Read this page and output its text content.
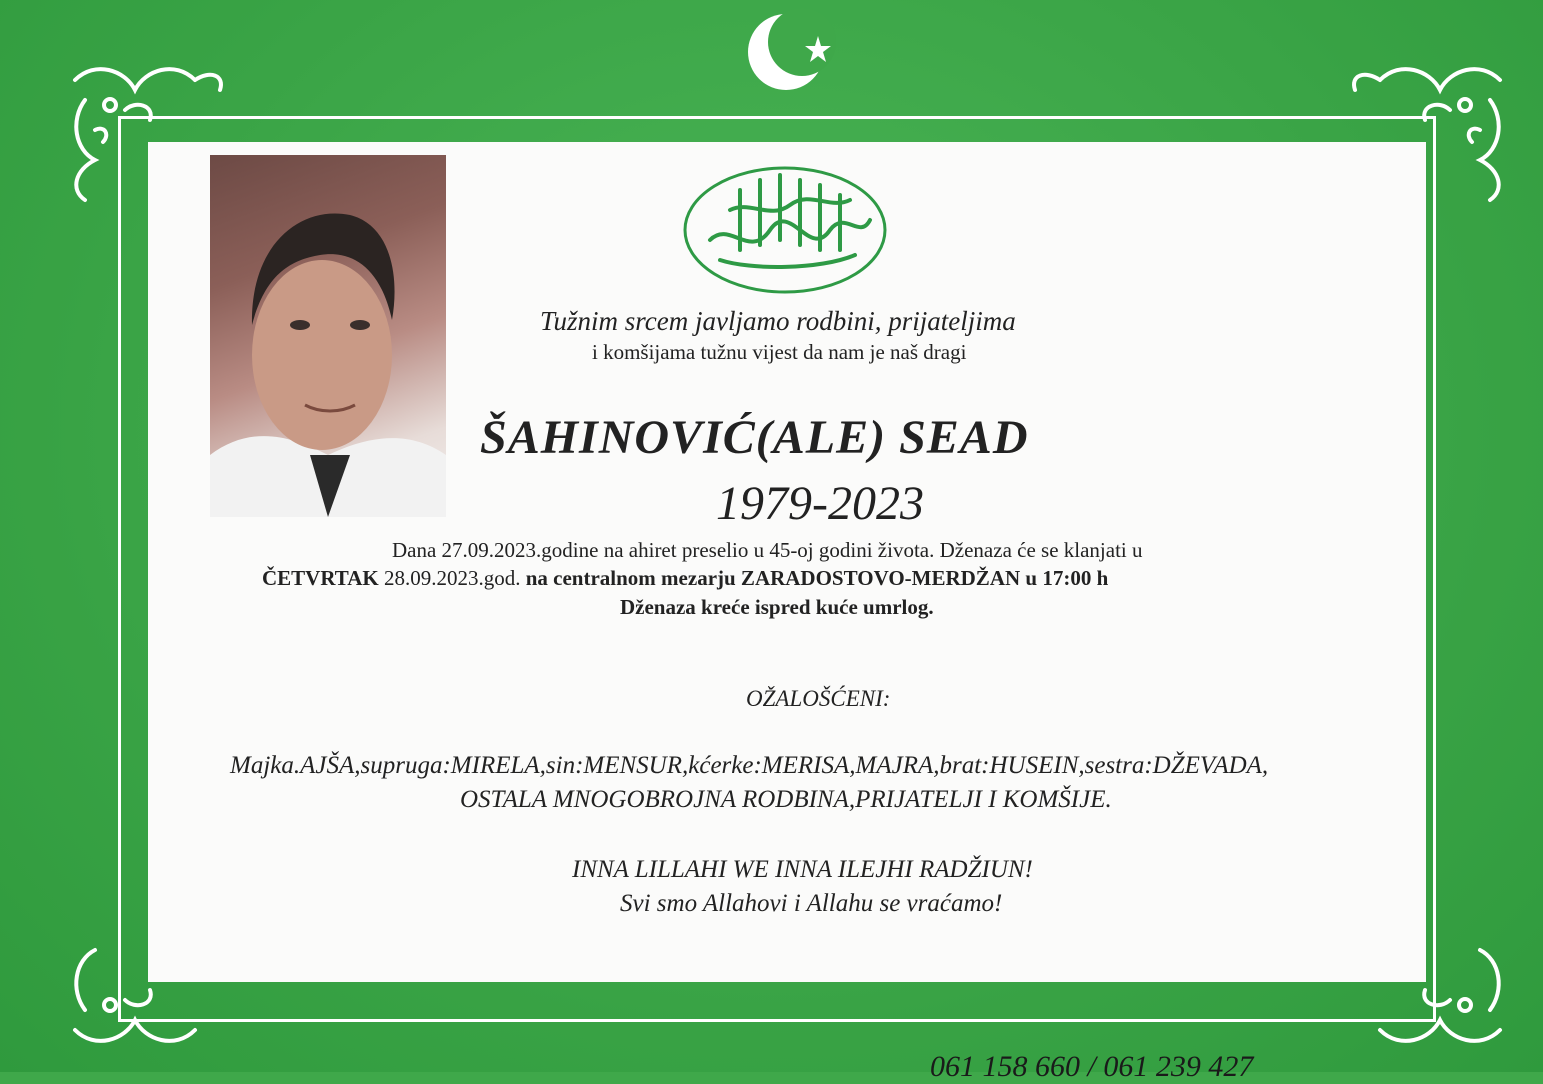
Tužnim srcem javljamo rodbini, prijateljima
i komšijama tužnu vijest da nam je naš dragi
ŠAHINOVIĆ(ALE) SEAD
1979-2023
Dana 27.09.2023.godine na ahiret preselio u 45-oj godini života. Dženaza će se klanjati u
ČETVRTAK 28.09.2023.god. na centralnom mezarju ZARADOSTOVO-MERDŽAN u 17:00 h
Dženaza kreće ispred kuće umrlog.
OŽALOŠĆENI:
Majka.AJŠA,supruga:MIRELA,sin:MENSUR,kćerke:MERISA,MAJRA,brat:HUSEIN,sestra:DŽEVADA,
OSTALA MNOGOBROJNA RODBINA,PRIJATELJI I KOMŠIJE.
INNA LILLAHI WE INNA ILEJHI RADŽIUN!
Svi smo Allahovi i Allahu se vraćamo!
061 158 660 / 061 239 427
